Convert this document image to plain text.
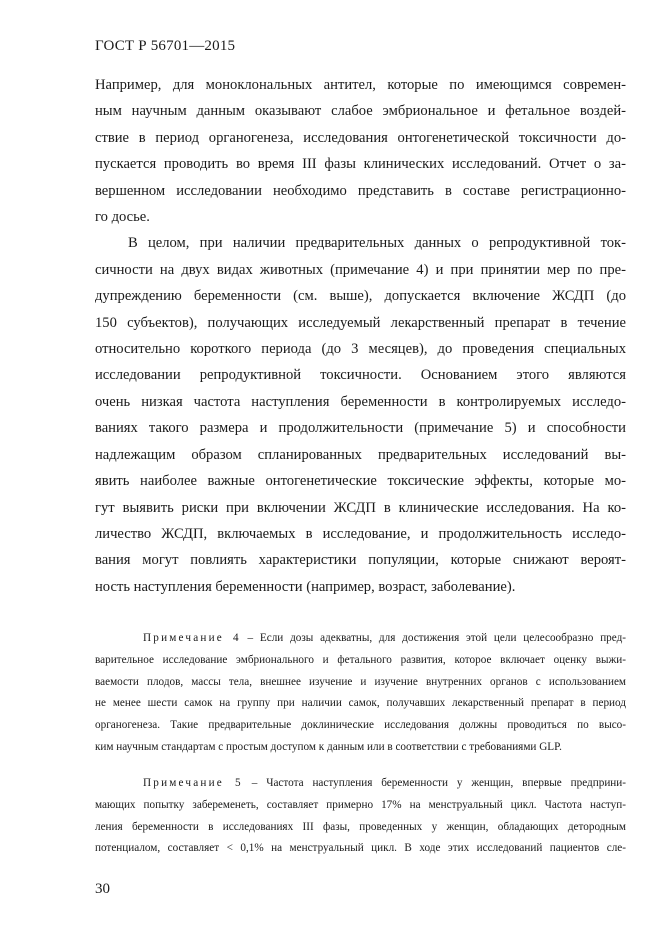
ГОСТ Р 56701—2015
Например, для моноклональных антител, которые по имеющимся современ-
ным научным данным оказывают слабое эмбриональное и фетальное воздей-
ствие в период органогенеза, исследования онтогенетической токсичности до-
пускается проводить во время III фазы клинических исследований. Отчет о за-
вершенном исследовании необходимо представить в составе регистрационно-
го досье.
В целом, при наличии предварительных данных о репродуктивной ток-
сичности на двух видах животных (примечание 4) и при принятии мер по пре-
дупреждению беременности (см. выше), допускается включение ЖСДП (до
150 субъектов), получающих исследуемый лекарственный препарат в течение
относительно короткого периода (до 3 месяцев), до проведения специальных
исследовании репродуктивной токсичности. Основанием этого являются
очень низкая частота наступления беременности в контролируемых исследо-
ваниях такого размера и продолжительности (примечание 5) и способности
надлежащим образом спланированных предварительных исследований вы-
явить наиболее важные онтогенетические токсические эффекты, которые мо-
гут выявить риски при включении ЖСДП в клинические исследования. На ко-
личество ЖСДП, включаемых в исследование, и продолжительность исследо-
вания могут повлиять характеристики популяции, которые снижают вероят-
ность наступления беременности (например, возраст, заболевание).
Примечание 4 – Если дозы адекватны, для достижения этой цели целесообразно пред-
варительное исследование эмбрионального и фетального развития, которое включает оценку выжи-
ваемости плодов, массы тела, внешнее изучение и изучение внутренних органов с использованием
не менее шести самок на группу при наличии самок, получавших лекарственный препарат в период
органогенеза. Такие предварительные доклинические исследования должны проводиться по высо-
ким научным стандартам с простым доступом к данным или в соответствии с требованиями GLP.
Примечание 5 – Частота наступления беременности у женщин, впервые предприни-
мающих попытку забеременеть, составляет примерно 17% на менструальный цикл. Частота наступ-
ления беременности в исследованиях III фазы, проведенных у женщин, обладающих детородным
потенциалом, составляет < 0,1% на менструальный цикл. В ходе этих исследований пациентов сле-
30
